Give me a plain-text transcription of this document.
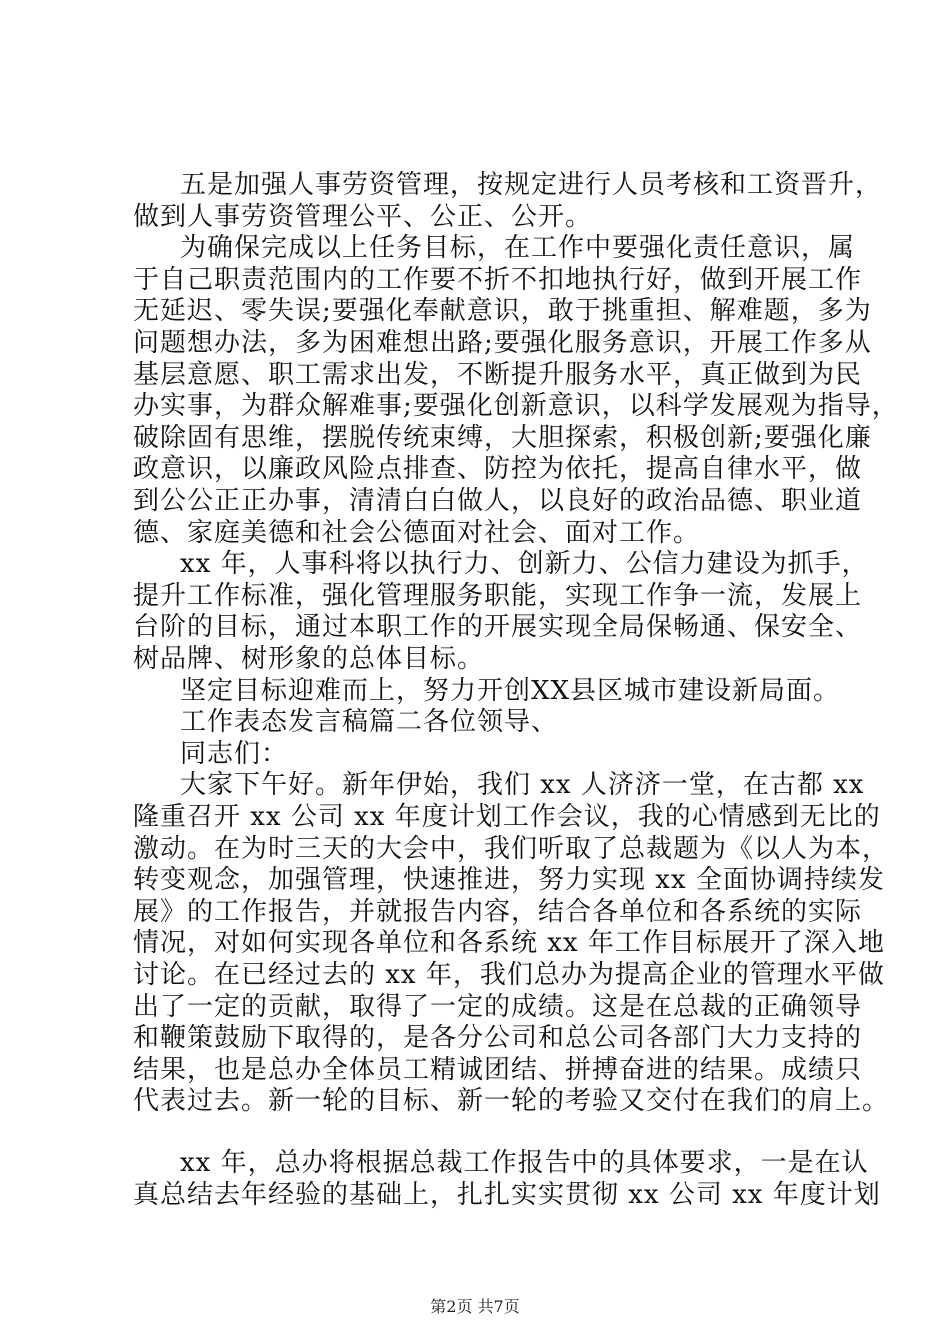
五是加强人事劳资管理，按规定进行人员考核和工资晋升，
做到人事劳资管理公平、公正、公开。
为确保完成以上任务目标，在工作中要强化责任意识，属
于自己职责范围内的工作要不折不扣地执行好，做到开展工作
无延迟、零失误;要强化奉献意识，敢于挑重担、解难题，多为
问题想办法，多为困难想出路;要强化服务意识，开展工作多从
基层意愿、职工需求出发，不断提升服务水平，真正做到为民
办实事，为群众解难事;要强化创新意识，以科学发展观为指导，
破除固有思维，摆脱传统束缚，大胆探索，积极创新;要强化廉
政意识，以廉政风险点排查、防控为依托，提高自律水平，做
到公公正正办事，清清白白做人，以良好的政治品德、职业道
德、家庭美德和社会公德面对社会、面对工作。
xx 年，人事科将以执行力、创新力、公信力建设为抓手，
提升工作标准，强化管理服务职能，实现工作争一流，发展上
台阶的目标，通过本职工作的开展实现全局保畅通、保安全、
树品牌、树形象的总体目标。
坚定目标迎难而上，努力开创XX县区城市建设新局面。
工作表态发言稿篇二各位领导、
同志们：
大家下午好。新年伊始，我们 xx 人济济一堂，在古都 xx
隆重召开 xx 公司 xx 年度计划工作会议，我的心情感到无比的
激动。在为时三天的大会中，我们听取了总裁题为《以人为本，
转变观念，加强管理，快速推进，努力实现 xx 全面协调持续发
展》的工作报告，并就报告内容，结合各单位和各系统的实际
情况，对如何实现各单位和各系统 xx 年工作目标展开了深入地
讨论。在已经过去的 xx 年，我们总办为提高企业的管理水平做
出了一定的贡献，取得了一定的成绩。这是在总裁的正确领导
和鞭策鼓励下取得的，是各分公司和总公司各部门大力支持的
结果，也是总办全体员工精诚团结、拼搏奋进的结果。成绩只
代表过去。新一轮的目标、新一轮的考验又交付在我们的肩上。
xx 年，总办将根据总裁工作报告中的具体要求，一是在认
真总结去年经验的基础上，扎扎实实贯彻 xx 公司 xx 年度计划
第2页 共7页
